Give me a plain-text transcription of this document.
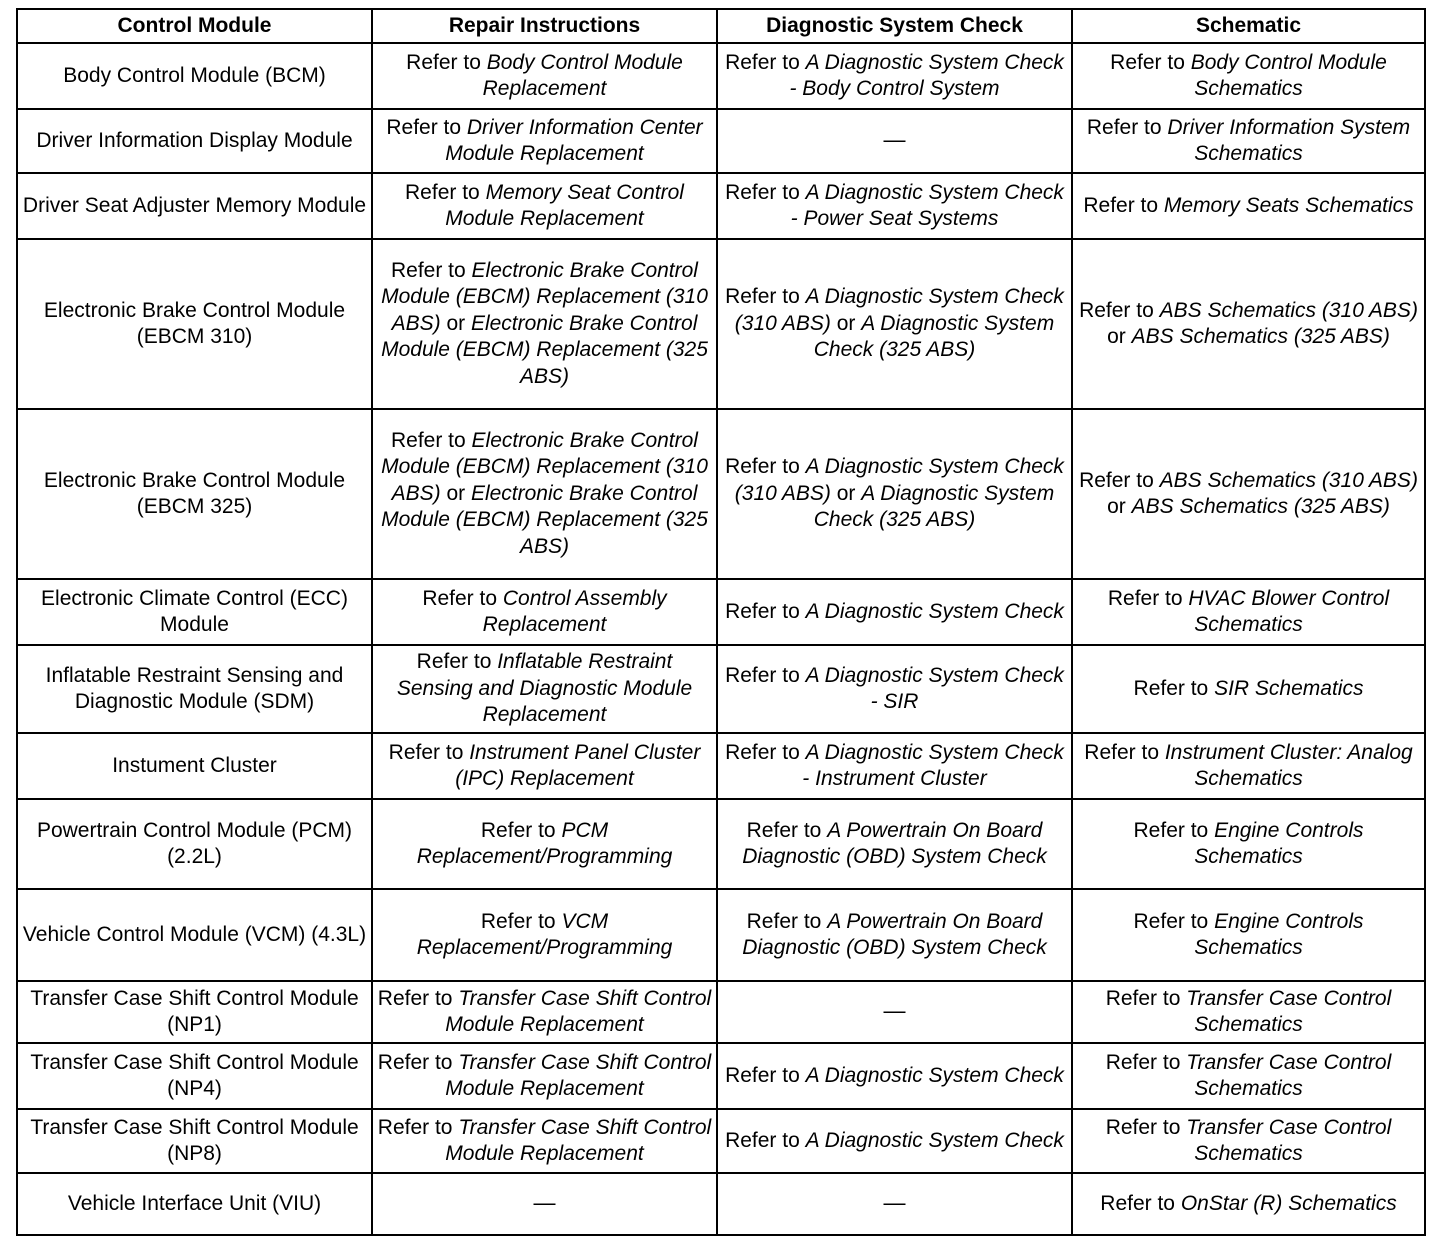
Control Module	Repair Instructions	Diagnostic System Check	Schematic
Body Control Module (BCM)	Refer to Body Control Module Replacement	Refer to A Diagnostic System Check - Body Control System	Refer to Body Control Module Schematics
Driver Information Display Module	Refer to Driver Information Center Module Replacement	—	Refer to Driver Information System Schematics
Driver Seat Adjuster Memory Module	Refer to Memory Seat Control Module Replacement	Refer to A Diagnostic System Check - Power Seat Systems	Refer to Memory Seats Schematics
Electronic Brake Control Module (EBCM 310)	Refer to Electronic Brake Control Module (EBCM) Replacement (310 ABS) or Electronic Brake Control Module (EBCM) Replacement (325 ABS)	Refer to A Diagnostic System Check (310 ABS) or A Diagnostic System Check (325 ABS)	Refer to ABS Schematics (310 ABS) or ABS Schematics (325 ABS)
Electronic Brake Control Module (EBCM 325)	Refer to Electronic Brake Control Module (EBCM) Replacement (310 ABS) or Electronic Brake Control Module (EBCM) Replacement (325 ABS)	Refer to A Diagnostic System Check (310 ABS) or A Diagnostic System Check (325 ABS)	Refer to ABS Schematics (310 ABS) or ABS Schematics (325 ABS)
Electronic Climate Control (ECC) Module	Refer to Control Assembly Replacement	Refer to A Diagnostic System Check	Refer to HVAC Blower Control Schematics
Inflatable Restraint Sensing and Diagnostic Module (SDM)	Refer to Inflatable Restraint Sensing and Diagnostic Module Replacement	Refer to A Diagnostic System Check - SIR	Refer to SIR Schematics
Instument Cluster	Refer to Instrument Panel Cluster (IPC) Replacement	Refer to A Diagnostic System Check - Instrument Cluster	Refer to Instrument Cluster: Analog Schematics
Powertrain Control Module (PCM) (2.2L)	Refer to PCM Replacement/Programming	Refer to A Powertrain On Board Diagnostic (OBD) System Check	Refer to Engine Controls Schematics
Vehicle Control Module (VCM) (4.3L)	Refer to VCM Replacement/Programming	Refer to A Powertrain On Board Diagnostic (OBD) System Check	Refer to Engine Controls Schematics
Transfer Case Shift Control Module (NP1)	Refer to Transfer Case Shift Control Module Replacement	—	Refer to Transfer Case Control Schematics
Transfer Case Shift Control Module (NP4)	Refer to Transfer Case Shift Control Module Replacement	Refer to A Diagnostic System Check	Refer to Transfer Case Control Schematics
Transfer Case Shift Control Module (NP8)	Refer to Transfer Case Shift Control Module Replacement	Refer to A Diagnostic System Check	Refer to Transfer Case Control Schematics
Vehicle Interface Unit (VIU)	—	—	Refer to OnStar (R) Schematics
